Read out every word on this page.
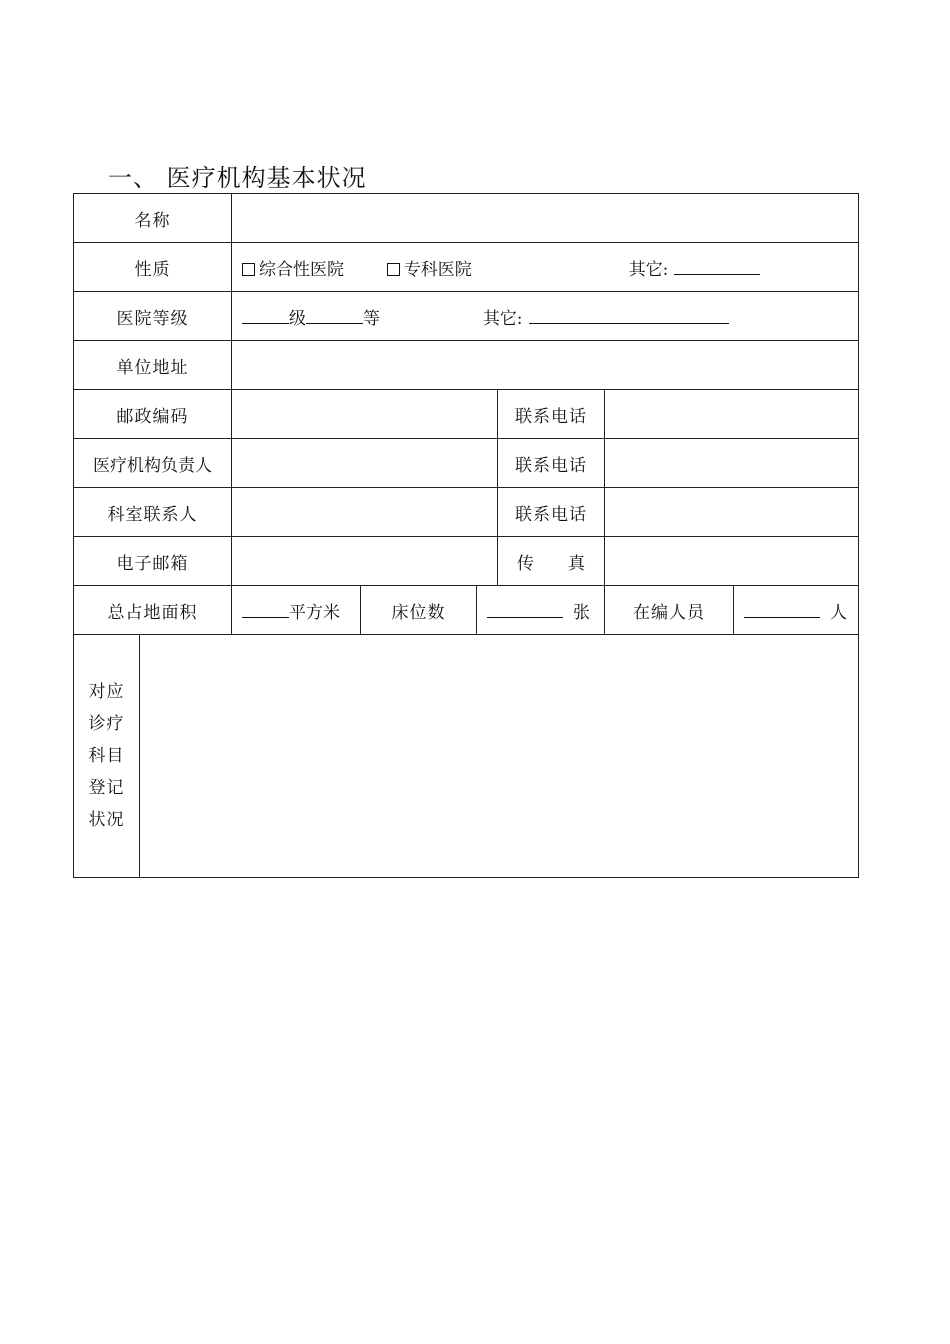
一、 医疗机构基本状况
名称							
性质		综合性医院 专科医院 其它:					
医院等级		级 等 其它:					
单位地址							
邮政编码					联系电话		
医疗机构负责人					联系电话		
科室联系人					联系电话		
电子邮箱					传 真		
总占地面积		平方米	床位数	张		在编人员	人

对应
诊疗
科目
登记
状况							
